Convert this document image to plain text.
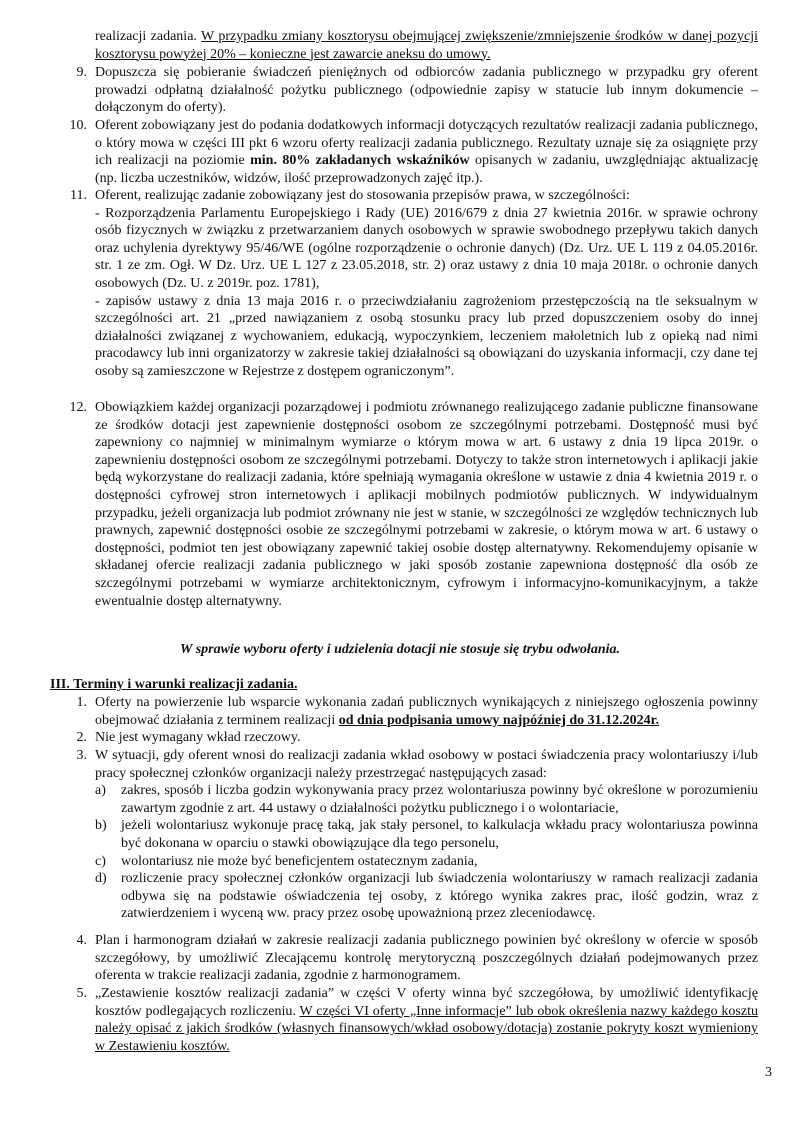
realizacji zadania. W przypadku zmiany kosztorysu obejmującej zwiększenie/zmniejszenie środków w danej pozycji kosztorysu powyżej 20% – konieczne jest zawarcie aneksu do umowy.
9. Dopuszcza się pobieranie świadczeń pieniężnych od odbiorców zadania publicznego w przypadku gry oferent prowadzi odpłatną działalność pożytku publicznego (odpowiednie zapisy w statucie lub innym dokumencie – dołączonym do oferty).
10. Oferent zobowiązany jest do podania dodatkowych informacji dotyczących rezultatów realizacji zadania publicznego, o który mowa w części III pkt 6 wzoru oferty realizacji zadania publicznego. Rezultaty uznaje się za osiągnięte przy ich realizacji na poziomie min. 80% zakładanych wskaźników opisanych w zadaniu, uwzględniając aktualizację (np. liczba uczestników, widzów, ilość przeprowadzonych zajęć itp.).
11. Oferent, realizując zadanie zobowiązany jest do stosowania przepisów prawa, w szczególności:
- Rozporządzenia Parlamentu Europejskiego i Rady (UE) 2016/679 z dnia 27 kwietnia 2016r. w sprawie ochrony osób fizycznych w związku z przetwarzaniem danych osobowych w sprawie swobodnego przepływu takich danych oraz uchylenia dyrektywy 95/46/WE (ogólne rozporządzenie o ochronie danych) (Dz. Urz. UE L 119 z 04.05.2016r. str. 1 ze zm. Ogł. W Dz. Urz. UE L 127 z 23.05.2018, str. 2) oraz ustawy z dnia 10 maja 2018r. o ochronie danych osobowych (Dz. U. z 2019r. poz. 1781),
- zapisów ustawy z dnia 13 maja 2016 r. o przeciwdziałaniu zagrożeniom przestępczością na tle seksualnym w szczególności art. 21 „przed nawiązaniem z osobą stosunku pracy lub przed dopuszczeniem osoby do innej działalności związanej z wychowaniem, edukacją, wypoczynkiem, leczeniem małoletnich lub z opieką nad nimi pracodawcy lub inni organizatorzy w zakresie takiej działalności są obowiązani do uzyskania informacji, czy dane tej osoby są zamieszczone w Rejestrze z dostępem ograniczonym”.
12. Obowiązkiem każdej organizacji pozarządowej i podmiotu zrównanego realizującego zadanie publiczne finansowane ze środków dotacji jest zapewnienie dostępności osobom ze szczególnymi potrzebami. Dostępność musi być zapewniony co najmniej w minimalnym wymiarze o którym mowa w art. 6 ustawy z dnia 19 lipca 2019r. o zapewnieniu dostępności osobom ze szczególnymi potrzebami. Dotyczy to także stron internetowych i aplikacji jakie będą wykorzystane do realizacji zadania, które spełniają wymagania określone w ustawie z dnia 4 kwietnia 2019 r. o dostępności cyfrowej stron internetowych i aplikacji mobilnych podmiotów publicznych. W indywidualnym przypadku, jeżeli organizacja lub podmiot zrównany nie jest w stanie, w szczególności ze względów technicznych lub prawnych, zapewnić dostępności osobie ze szczególnymi potrzebami w zakresie, o którym mowa w art. 6 ustawy o dostępności, podmiot ten jest obowiązany zapewnić takiej osobie dostęp alternatywny. Rekomendujemy opisanie w składanej ofercie realizacji zadania publicznego w jaki sposób zostanie zapewniona dostępność dla osób ze szczególnymi potrzebami w wymiarze architektonicznym, cyfrowym i informacyjno-komunikacyjnym, a także ewentualnie dostęp alternatywny.
W sprawie wyboru oferty i udzielenia dotacji nie stosuje się trybu odwołania.
III. Terminy i warunki realizacji zadania.
1. Oferty na powierzenie lub wsparcie wykonania zadań publicznych wynikających z niniejszego ogłoszenia powinny obejmować działania z terminem realizacji od dnia podpisania umowy najpóźniej do 31.12.2024r.
2. Nie jest wymagany wkład rzeczowy.
3. W sytuacji, gdy oferent wnosi do realizacji zadania wkład osobowy w postaci świadczenia pracy wolontariuszy i/lub pracy społecznej członków organizacji należy przestrzegać następujących zasad:
a)	zakres, sposób i liczba godzin wykonywania pracy przez wolontariusza powinny być określone w porozumieniu zawartym zgodnie z art. 44 ustawy o działalności pożytku publicznego i o wolontariacie,
b)	jeżeli wolontariusz wykonuje pracę taką, jak stały personel, to kalkulacja wkładu pracy wolontariusza powinna być dokonana w oparciu o stawki obowiązujące dla tego personelu,
c)	wolontariusz nie może być beneficjentem ostatecznym zadania,
d)	rozliczenie pracy społecznej członków organizacji lub świadczenia wolontariuszy w ramach realizacji zadania odbywa się na podstawie oświadczenia tej osoby, z którego wynika zakres prac, ilość godzin, wraz z zatwierdzeniem i wyceną ww. pracy przez osobę upoważnioną przez zleceniodawcę.
4. Plan i harmonogram działań w zakresie realizacji zadania publicznego powinien być określony w ofercie w sposób szczegółowy, by umożliwić Zlecającemu kontrolę merytoryczną poszczególnych działań podejmowanych przez oferenta w trakcie realizacji zadania, zgodnie z harmonogramem.
5. „Zestawienie kosztów realizacji zadania” w części V oferty winna być szczegółowa, by umożliwić identyfikację kosztów podlegających rozliczeniu. W części VI oferty „Inne informacje” lub obok określenia nazwy każdego kosztu należy opisać z jakich środków (własnych finansowych/wkład osobowy/dotacja) zostanie pokryty koszt wymieniony w Zestawieniu kosztów.
3
